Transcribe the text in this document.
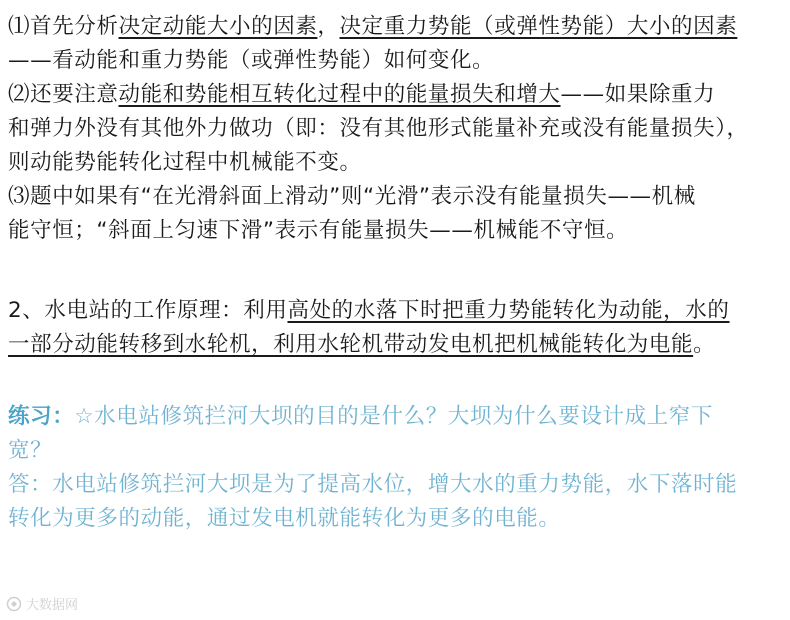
⑴首先分析决定动能大小的因素，决定重力势能（或弹性势能）大小的因素
——看动能和重力势能（或弹性势能）如何变化。
⑵还要注意动能和势能相互转化过程中的能量损失和增大——如果除重力
和弹力外没有其他外力做功（即：没有其他形式能量补充或没有能量损失），
则动能势能转化过程中机械能不变。
⑶题中如果有“在光滑斜面上滑动”则“光滑”表示没有能量损失——机械
能守恒；“斜面上匀速下滑”表示有能量损失——机械能不守恒。
2、水电站的工作原理：利用高处的水落下时把重力势能转化为动能，水的
一部分动能转移到水轮机，利用水轮机带动发电机把机械能转化为电能。
练习：☆水电站修筑拦河大坝的目的是什么？大坝为什么要设计成上窄下
宽？
答：水电站修筑拦河大坝是为了提高水位，增大水的重力势能，水下落时能
转化为更多的动能，通过发电机就能转化为更多的电能。
大数据网
